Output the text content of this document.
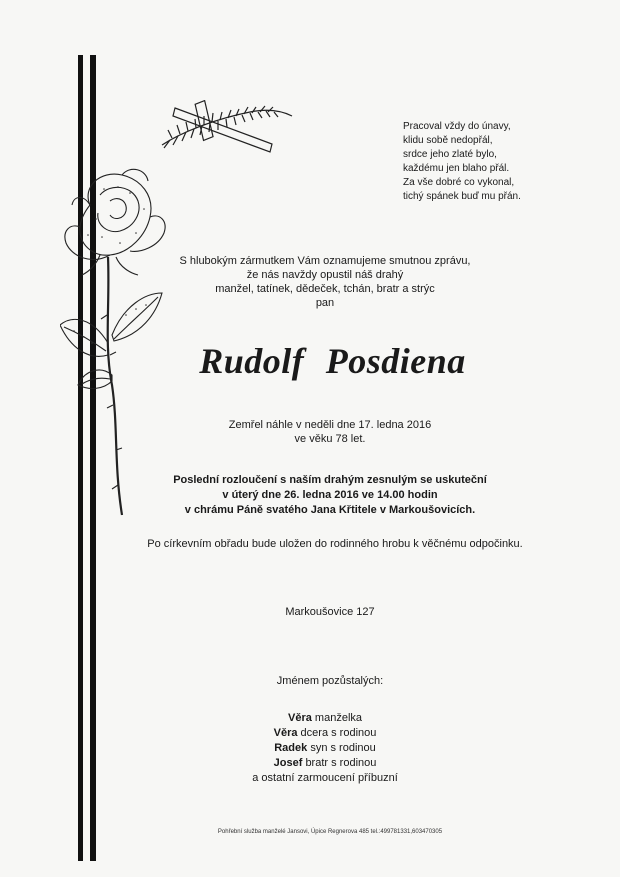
Pracoval vždy do únavy,
klidu sobě nedopřál,
srdce jeho zlaté bylo,
každému jen blaho přál.
Za vše dobré co vykonal,
tichý spánek buď mu přán.
S hlubokým zármutkem Vám oznamujeme smutnou zprávu,
že nás navždy opustil náš drahý
manžel, tatínek, dědeček, tchán, bratr a strýc
pan
Rudolf Posdiena
Zemřel náhle v neděli dne 17. ledna 2016
ve věku 78 let.
Poslední rozloučení s naším drahým zesnulým se uskuteční
v úterý dne 26. ledna 2016 ve 14.00 hodin
v chrámu Páně svatého Jana Křtitele v Markoušovicích.
Po církevním obřadu bude uložen do rodinného hrobu k věčnému odpočinku.
Markoušovice 127
Jménem pozůstalých:
Věra manželka
Věra dcera s rodinou
Radek syn s rodinou
Josef bratr s rodinou
a ostatní zarmoucení příbuzní
Pohřební služba manželé Jansovi, Úpice Regnerova 485 tel.:499781331,603470305
